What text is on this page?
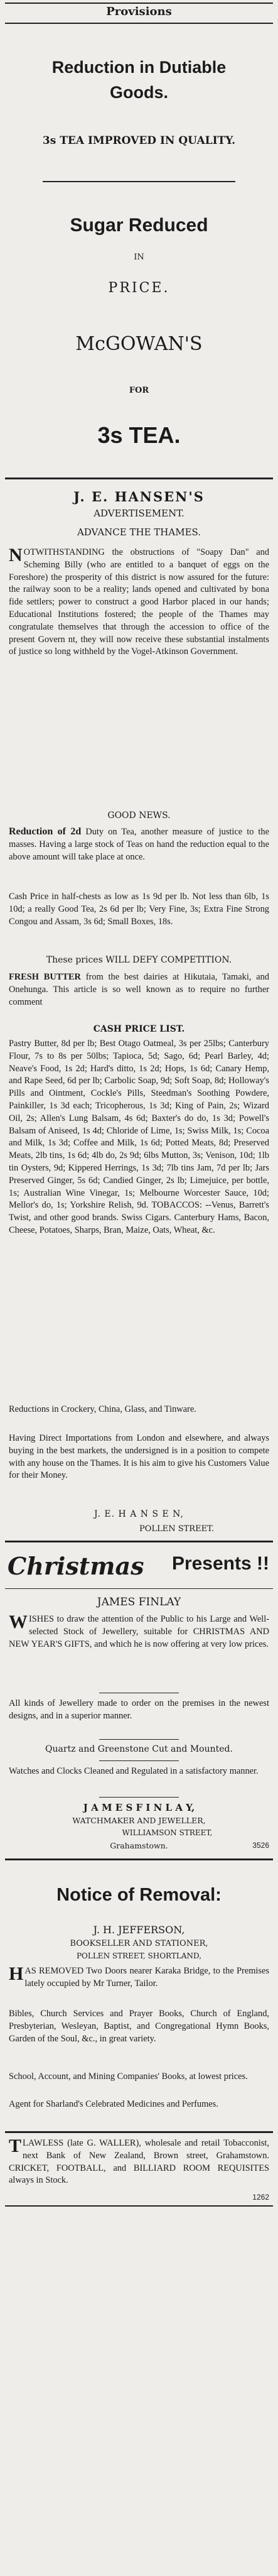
Provisions
Reduction in Dutiable
Goods.
3s TEA IMPROVED IN QUALITY.
Sugar Reduced
IN
PRICE.
McGOWAN'S
FOR
3s TEA.
J. E. HANSEN'S
ADVERTISEMENT.
ADVANCE THE THAMES.
NOTWITHSTANDING the obstructions of "Soapy Dan" and Scheming Billy (who are entitled to a banquet of eggs on the Foreshore) the prosperity of this district is now assured for the future: the railway soon to be a reality; lands opened and cultivated by bona fide settlers; power to construct a good Harbor placed in our hands; Educational Institutions fostered; the people of the Thames may congratulate themselves that through the accession to office of the present Govern nt, they will now receive these substantial instalments of justice so long withheld by the Vogel-Atkinson Government.
GOOD NEWS.
Reduction of 2d Duty on Tea, another measure of justice to the masses. Having a large stock of Teas on hand the reduction equal to the above amount will take place at once.
Cash Price in half-chests as low as 1s 9d per lb. Not less than 6lb, 1s 10d; a really Good Tea, 2s 6d per lb; Very Fine, 3s; Extra Fine Strong Congou and Assam, 3s 6d; Small Boxes, 18s.
These prices WILL DEFY COMPETITION.
FRESH BUTTER from the best dairies at Hikutaia, Tamaki, and Onehunga. This article is so well known as to require no further comment
CASH PRICE LIST.
Pastry Butter, 8d per lb; Best Otago Oatmeal, 3s per 25lbs; Canterbury Flour, 7s to 8s per 50lbs; Tapioca, 5d; Sago, 6d; Pearl Barley, 4d; Neave's Food, 1s 2d; Hard's ditto, 1s 2d; Hops, 1s 6d; Canary Hemp, and Rape Seed, 6d per lb; Carbolic Soap, 9d; Soft Soap, 8d; Holloway's Pills and Ointment, Cockle's Pills, Steedman's Soothing Powdere, Painkiller, 1s 3d each; Tricopherous, 1s 3d; King of Pain, 2s; Wizard Oil, 2s; Allen's Lung Balsam, 4s 6d; Baxter's do do, 1s 3d; Powell's Balsam of Aniseed, 1s 4d; Chloride of Lime, 1s; Swiss Milk, 1s; Cocoa and Milk, 1s 3d; Coffee and Milk, 1s 6d; Potted Meats, 8d; Preserved Meats, 2lb tins, 1s 6d; 4lb do, 2s 9d; 6lbs Mutton, 3s; Venison, 10d; 1lb tin Oysters, 9d; Kippered Herrings, 1s 3d; 7lb tins Jam, 7d per lb; Jars Preserved Ginger, 5s 6d; Candied Ginger, 2s lb; Limejuice, per bottle, 1s; Australian Wine Vinegar, 1s; Melbourne Worcester Sauce, 10d; Mellor's do, 1s; Yorkshire Relish, 9d. TOBACCOS: --Venus, Barrett's Twist, and other good brands. Swiss Cigars. Canterbury Hams, Bacon, Cheese, Potatoes, Sharps, Bran, Maize, Oats, Wheat, &c.
Reductions in Crockery, China, Glass, and Tinware.
Having Direct Importations from London and elsewhere, and always buying in the best markets, the undersigned is in a position to compete with any house on the Thames. It is his aim to give his Customers Value for their Money.
J. E. H A N S E N,
POLLEN STREET.
Christmas Presents !!
JAMES FINLAY
WISHES to draw the attention of the Public to his Large and Well-selected Stock of Jewellery, suitable for CHRISTMAS AND NEW YEAR'S GIFTS, and which he is now offering at very low prices.
All kinds of Jewellery made to order on the premises in the newest designs, and in a superior manner.
Quartz and Greenstone Cut and Mounted.
Watches and Clocks Cleaned and Regulated in a satisfactory manner.
J A M E S F I N L A Y,
WATCHMAKER AND JEWELLER,
WILLIAMSON STREET,
Grahamstown.	3526
Notice of Removal:
J. H. JEFFERSON,
BOOKSELLER AND STATIONER,
POLLEN STREET, SHORTLAND,
HAS REMOVED Two Doors nearer Karaka Bridge, to the Premises lately occupied by Mr Turner, Tailor.
Bibles, Church Services and Prayer Books, Church of England, Presbyterian, Wesleyan, Baptist, and Congregational Hymn Books, Garden of the Soul, &c., in great variety.
School, Account, and Mining Companies' Books, at lowest prices.
Agent for Sharland's Celebrated Medicines and Perfumes.
TLAWLESS (late G. WALLER), wholesale and retail Tobacconist, next Bank of New Zealand, Brown street, Grahamstown. CRICKET, FOOTBALL, and BILLIARD ROOM REQUISITES always in Stock.
1262
